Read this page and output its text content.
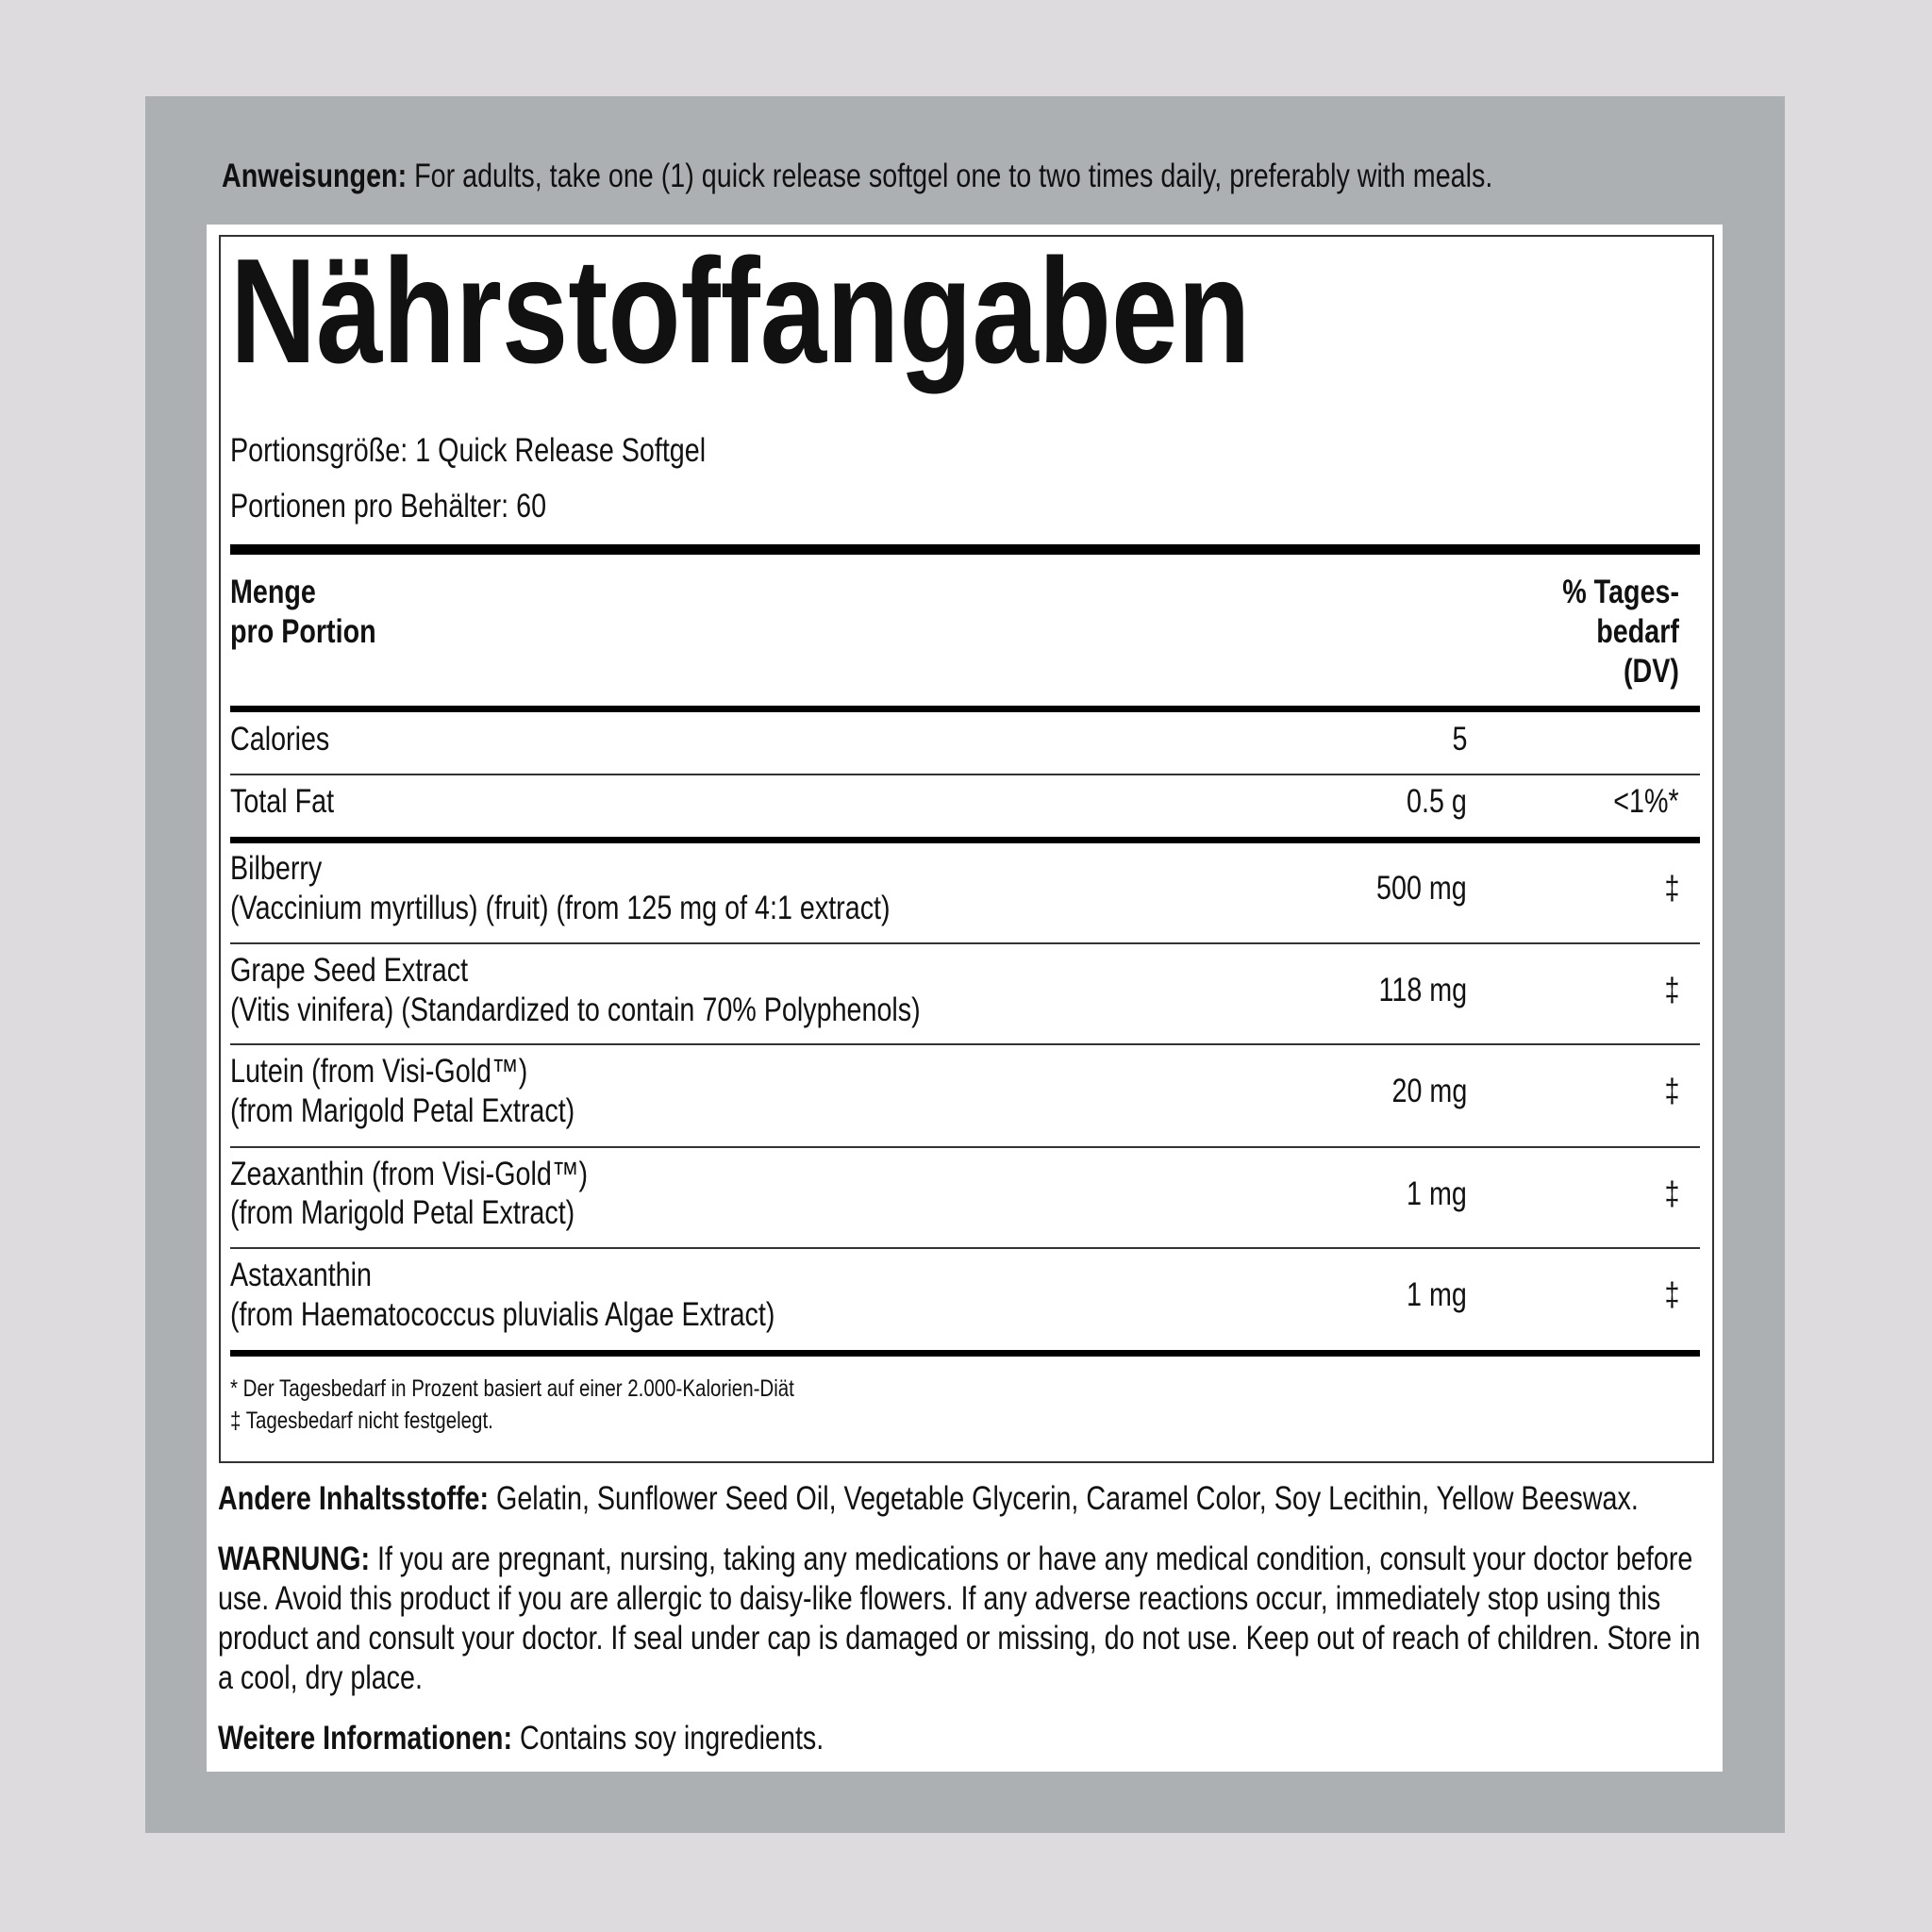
Anweisungen: For adults, take one (1) quick release softgel one to two times daily, preferably with meals.
Nährstoffangaben
Portionsgröße: 1 Quick Release Softgel
Portionen pro Behälter: 60
Menge
pro Portion
% Tages-
bedarf
(DV)
Calories	5
Total Fat	0.5 g	<1%*
Bilberry
(Vaccinium myrtillus) (fruit) (from 125 mg of 4:1 extract)
500 mg	‡
Grape Seed Extract
(Vitis vinifera) (Standardized to contain 70% Polyphenols)
118 mg	‡
Lutein (from Visi-Gold™)
(from Marigold Petal Extract)
20 mg	‡
Zeaxanthin (from Visi-Gold™)
(from Marigold Petal Extract)
1 mg	‡
Astaxanthin
(from Haematococcus pluvialis Algae Extract)
1 mg	‡
* Der Tagesbedarf in Prozent basiert auf einer 2.000-Kalorien-Diät
‡ Tagesbedarf nicht festgelegt.
Andere Inhaltsstoffe: Gelatin, Sunflower Seed Oil, Vegetable Glycerin, Caramel Color, Soy Lecithin, Yellow Beeswax.
WARNUNG: If you are pregnant, nursing, taking any medications or have any medical condition, consult your doctor before use. Avoid this product if you are allergic to daisy-like flowers. If any adverse reactions occur, immediately stop using this product and consult your doctor. If seal under cap is damaged or missing, do not use. Keep out of reach of children. Store in a cool, dry place.
Weitere Informationen: Contains soy ingredients.
